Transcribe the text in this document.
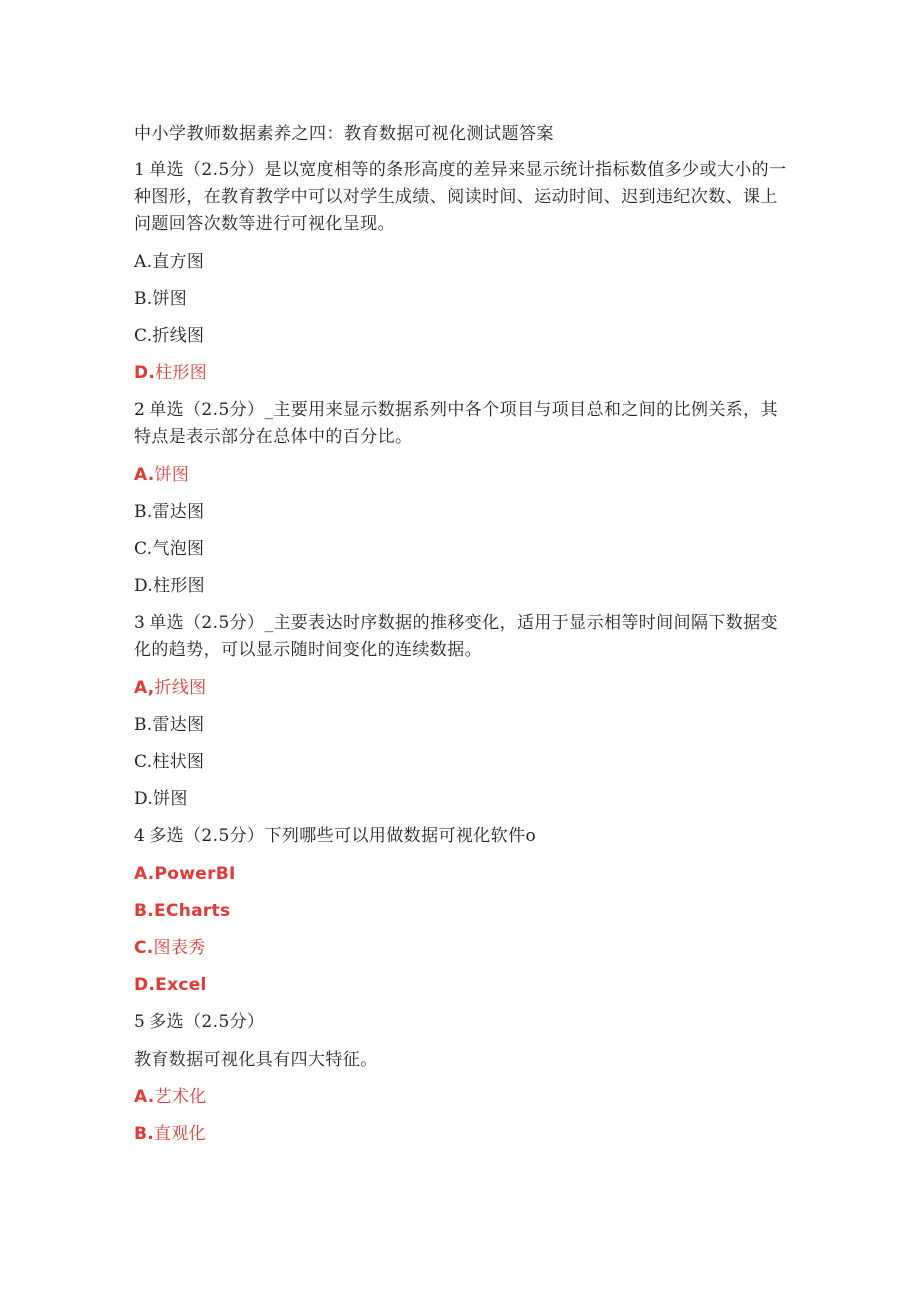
中小学教师数据素养之四：教育数据可视化测试题答案
1 单选（2.5分）是以宽度相等的条形高度的差异来显示统计指标数值多少或大小的一种图形，在教育教学中可以对学生成绩、阅读时间、运动时间、迟到违纪次数、课上问题回答次数等进行可视化呈现。
A.直方图
B.饼图
C.折线图
D.柱形图
2 单选（2.5分）_主要用来显示数据系列中各个项目与项目总和之间的比例关系，其特点是表示部分在总体中的百分比。
A.饼图
B.雷达图
C.气泡图
D.柱形图
3 单选（2.5分）_主要表达时序数据的推移变化，适用于显示相等时间间隔下数据变化的趋势，可以显示随时间变化的连续数据。
A,折线图
B.雷达图
C.柱状图
D.饼图
4 多选（2.5分）下列哪些可以用做数据可视化软件o
A.PowerBI
B.ECharts
C.图表秀
D.Excel
5 多选（2.5分）
教育数据可视化具有四大特征。
A.艺术化
B.直观化
